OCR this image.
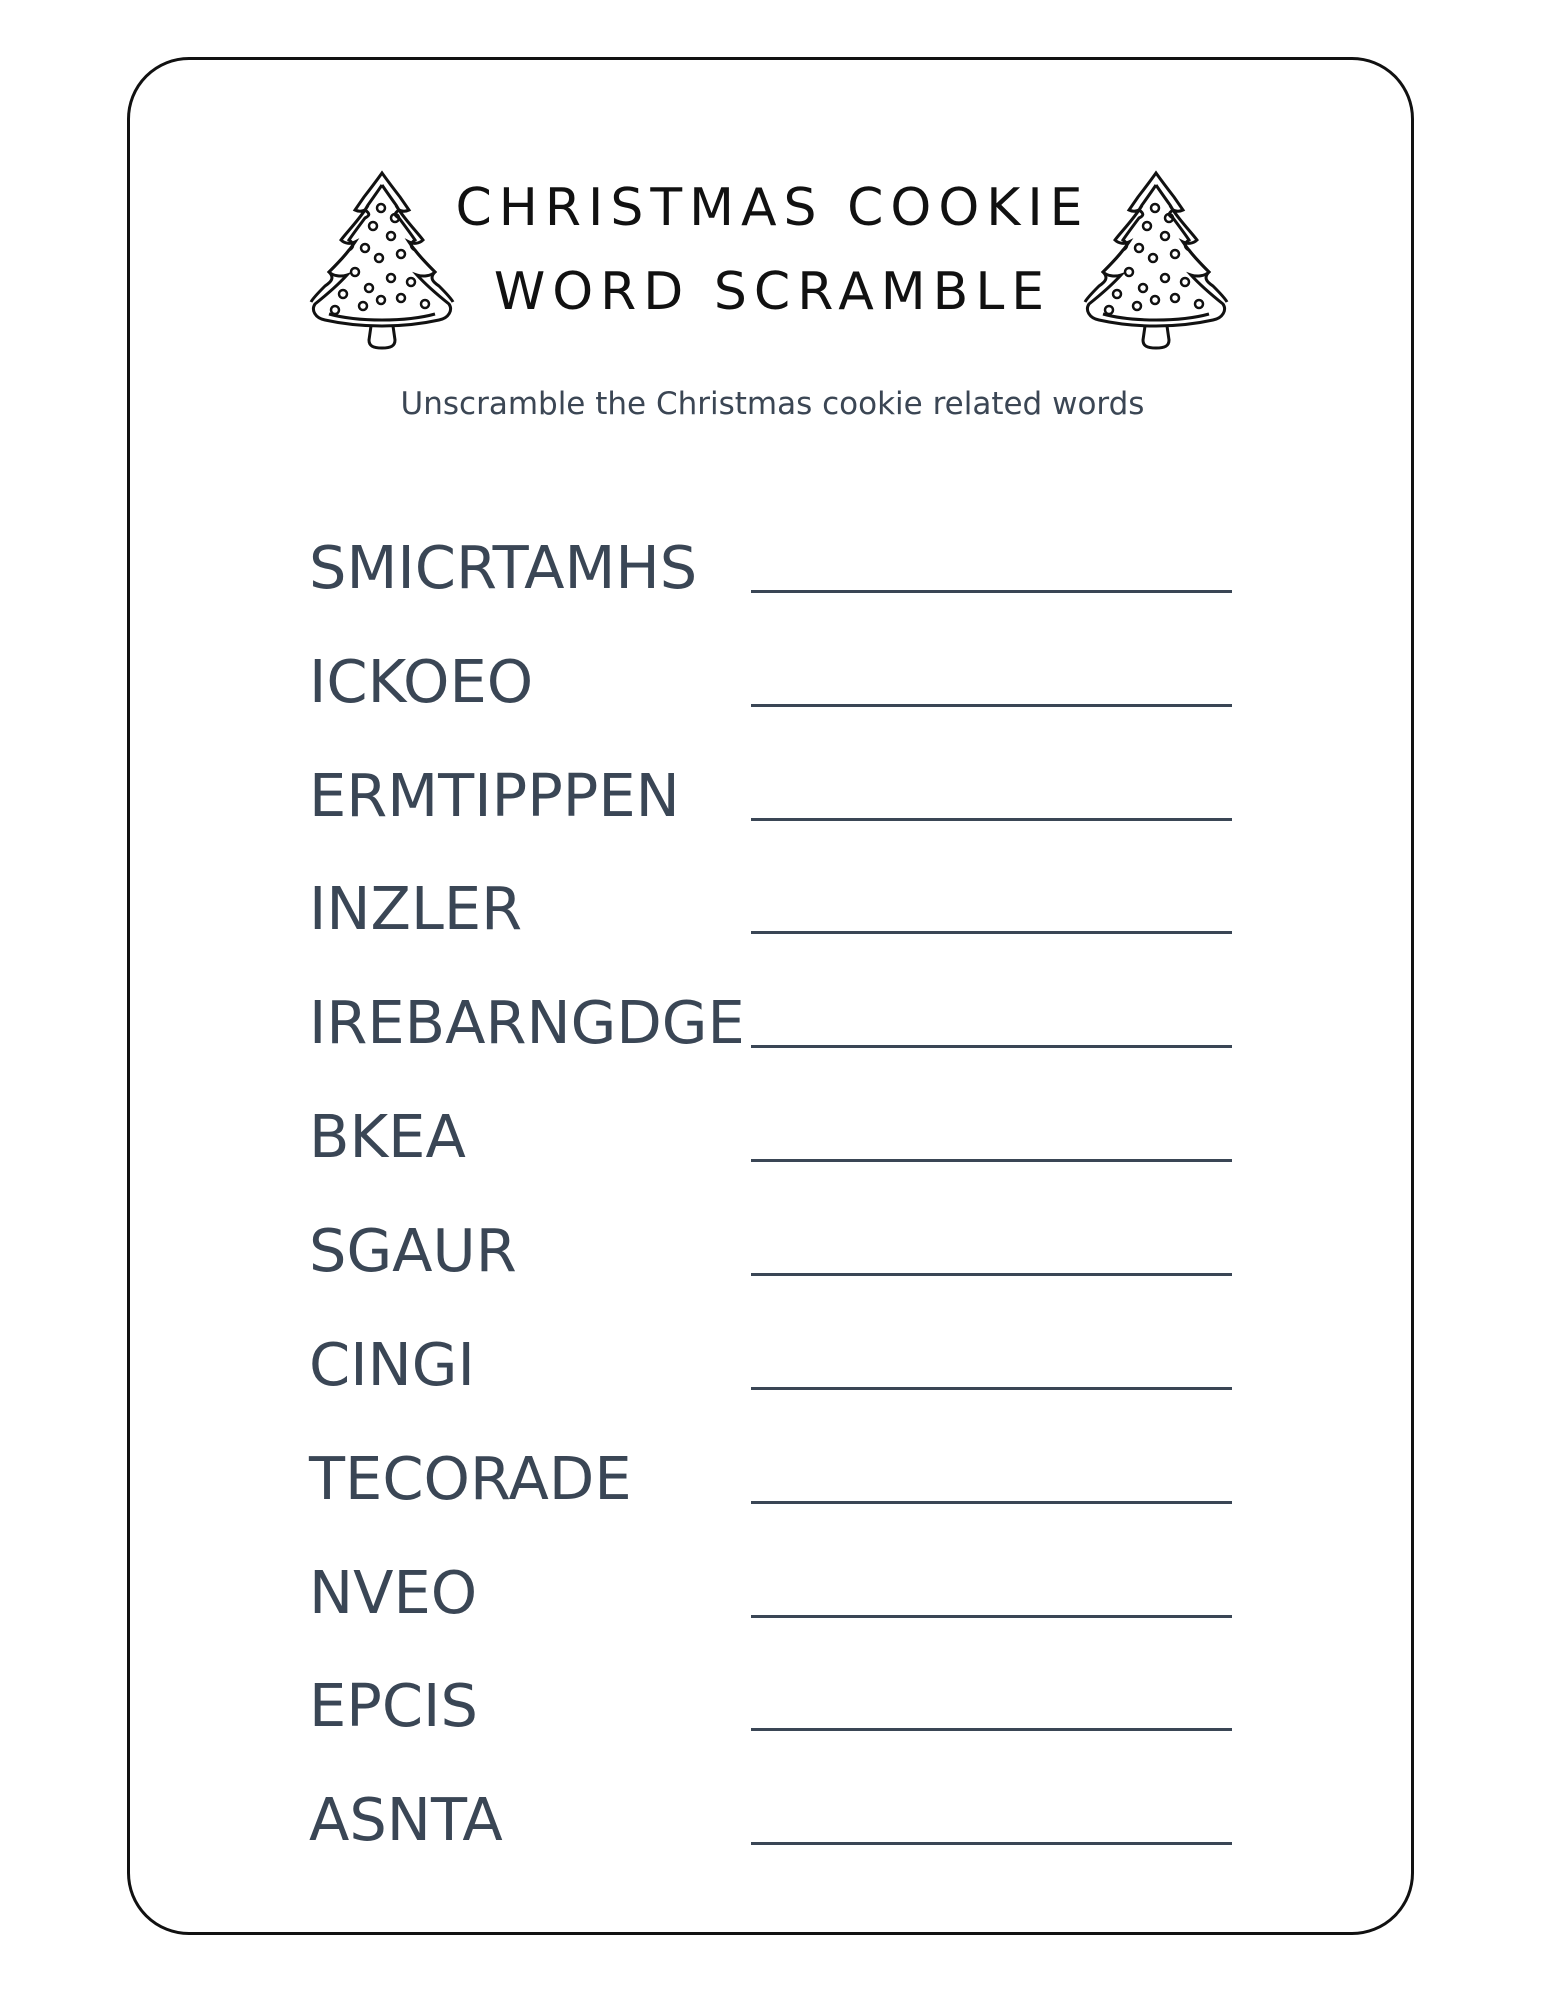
CHRISTMAS COOKIE
WORD SCRAMBLE
Unscramble the Christmas cookie related words
SMICRTAMHS
ICKOEO
ERMTIPPPEN
INZLER
IREBARNGDGE
BKEA
SGAUR
CINGI
TECORADE
NVEO
EPCIS
ASNTA
